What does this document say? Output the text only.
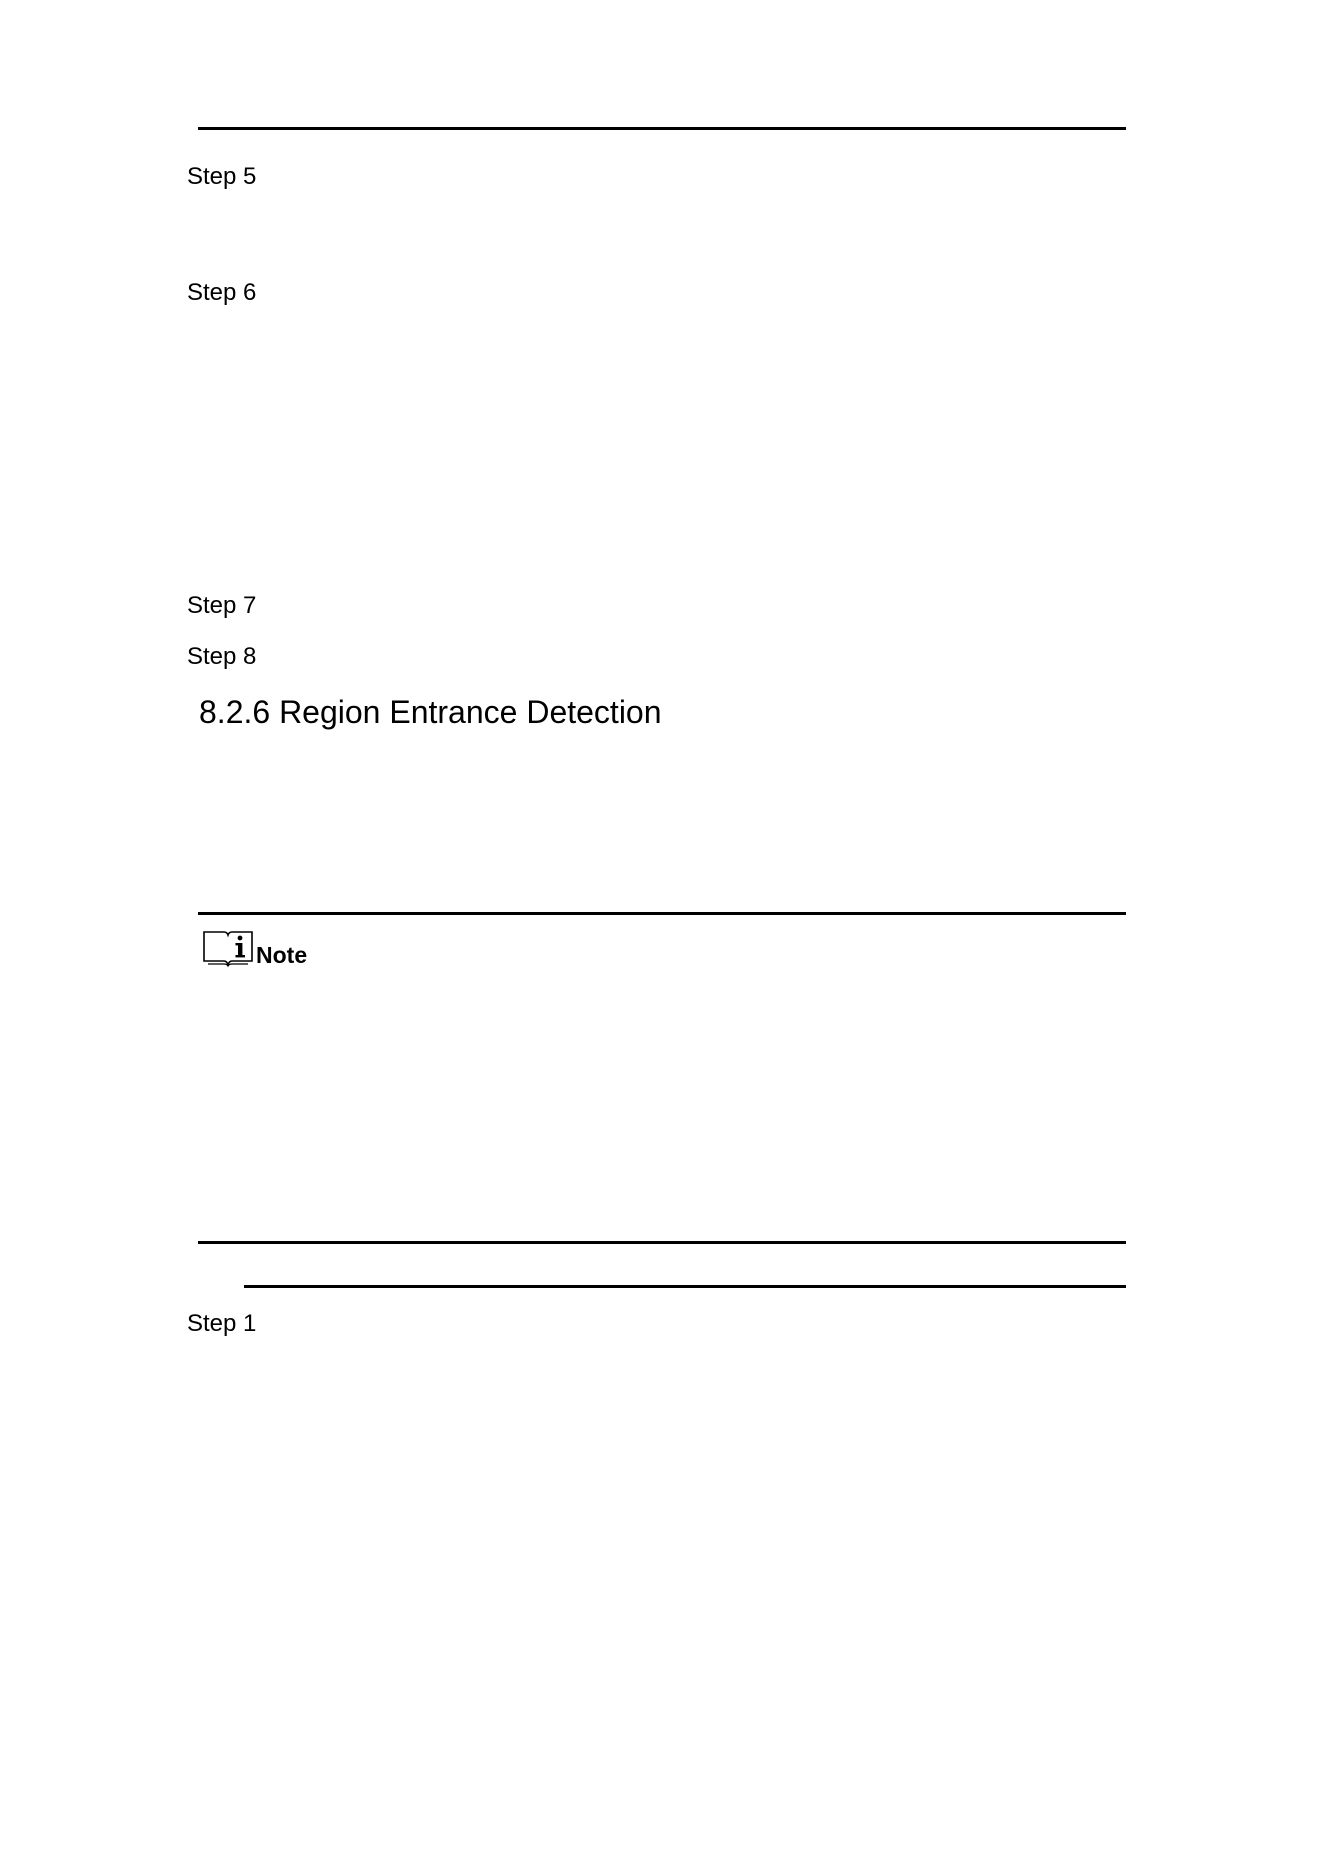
Step 5
Step 6
Step 7
Step 8
8.2.6 Region Entrance Detection
Note
Step 1
